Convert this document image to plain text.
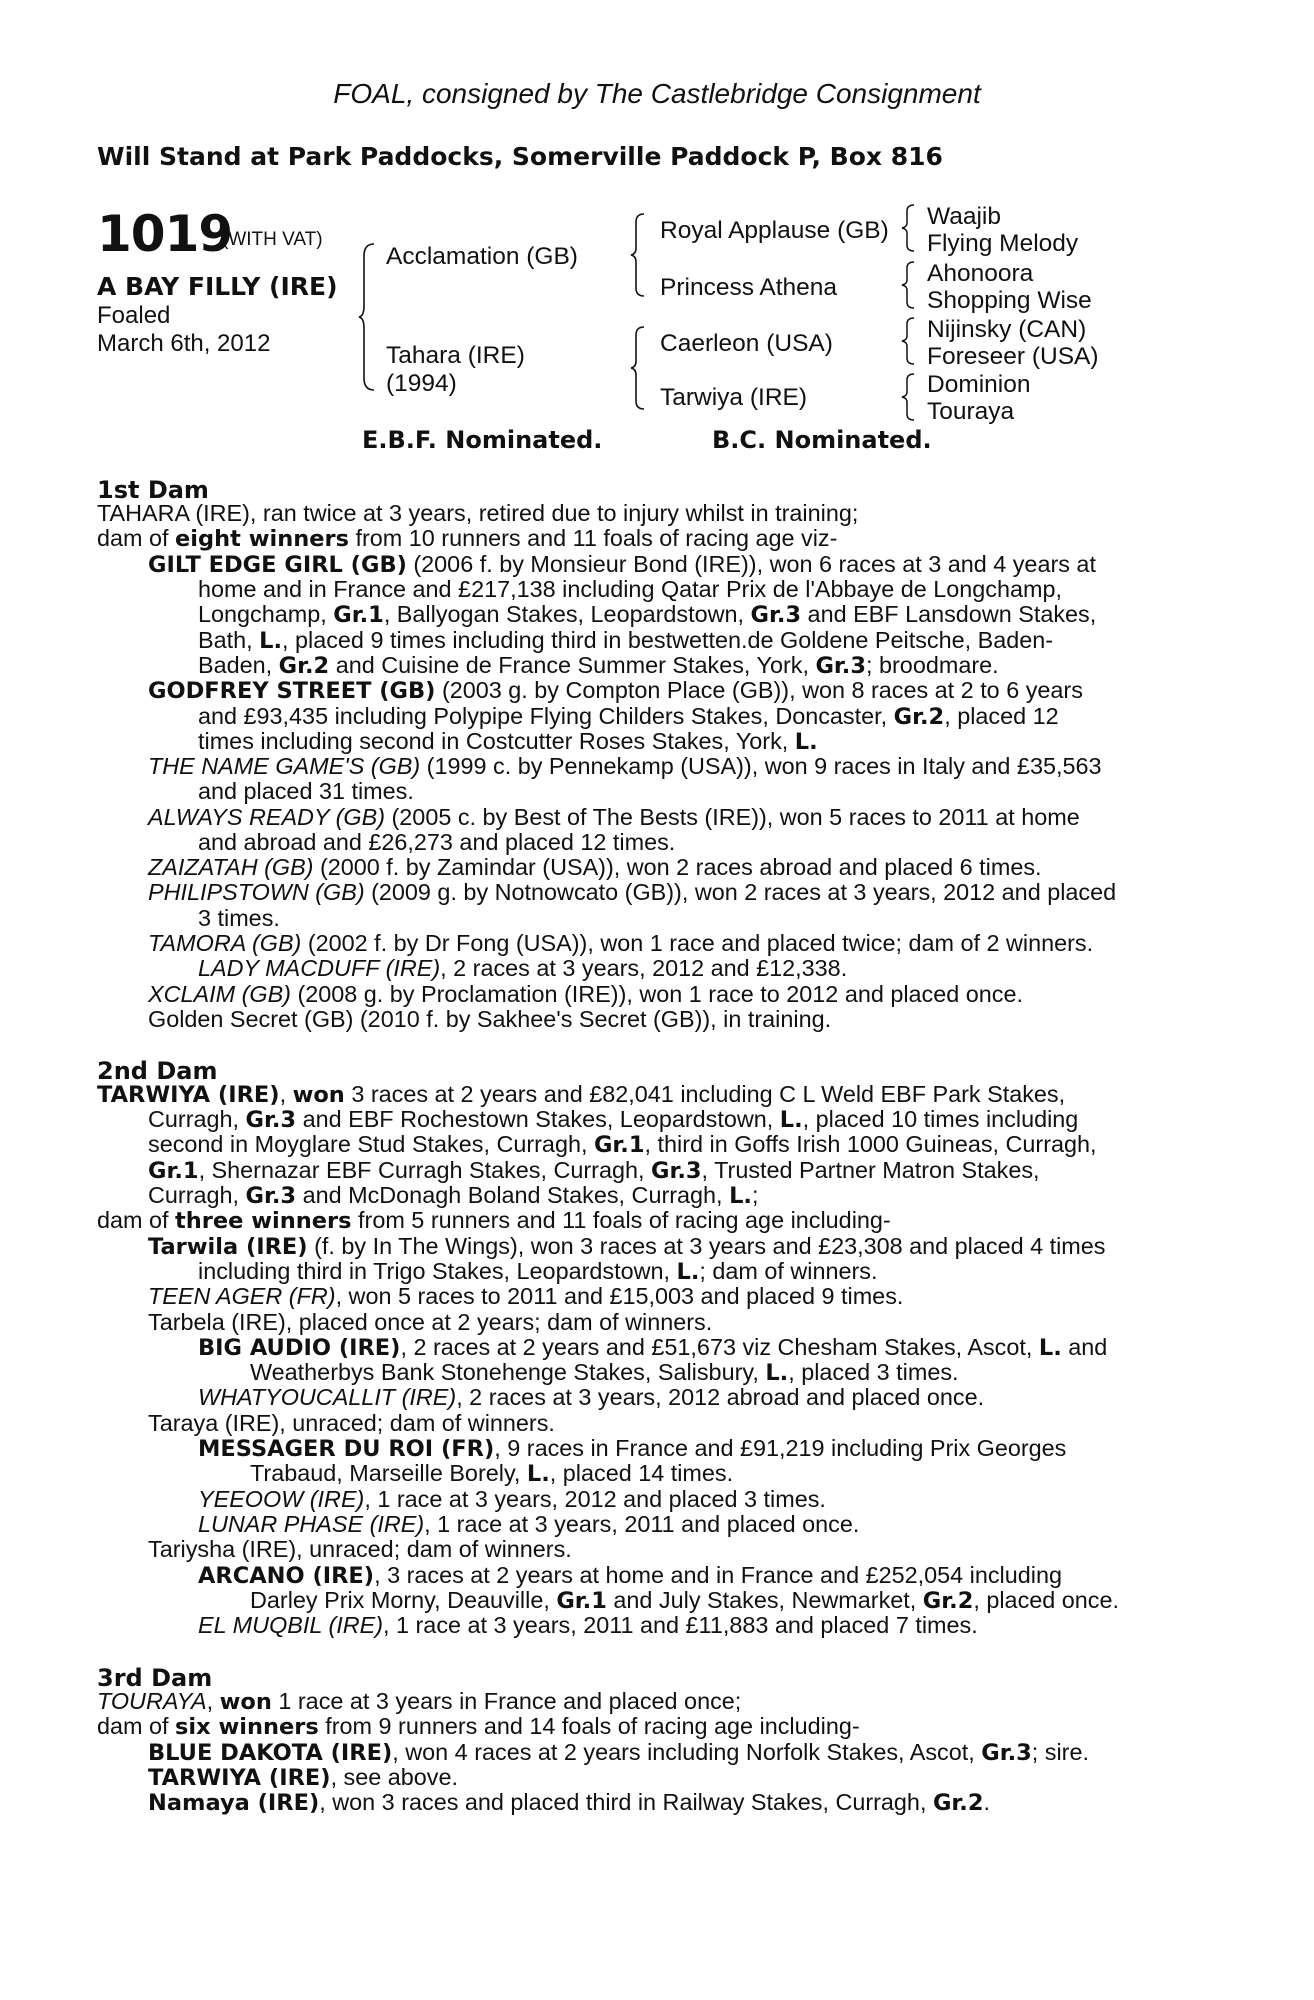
FOAL, consigned by The Castlebridge Consignment
Will Stand at Park Paddocks, Somerville Paddock P, Box 816
1019
(WITH VAT)
A BAY FILLY (IRE)
Foaled
March 6th, 2012
Acclamation (GB)
Tahara (IRE)
(1994)
Royal Applause (GB)
Princess Athena
Caerleon (USA)
Tarwiya (IRE)
Waajib
Flying Melody
Ahonoora
Shopping Wise
Nijinsky (CAN)
Foreseer (USA)
Dominion
Touraya
E.B.F. Nominated.	B.C. Nominated.
1st Dam
TAHARA (IRE), ran twice at 3 years, retired due to injury whilst in training;
dam of eight winners from 10 runners and 11 foals of racing age viz-
GILT EDGE GIRL (GB) (2006 f. by Monsieur Bond (IRE)), won 6 races at 3 and 4 years at
home and in France and £217,138 including Qatar Prix de l'Abbaye de Longchamp,
Longchamp, Gr.1, Ballyogan Stakes, Leopardstown, Gr.3 and EBF Lansdown Stakes,
Bath, L., placed 9 times including third in bestwetten.de Goldene Peitsche, Baden-
Baden, Gr.2 and Cuisine de France Summer Stakes, York, Gr.3; broodmare.
GODFREY STREET (GB) (2003 g. by Compton Place (GB)), won 8 races at 2 to 6 years
and £93,435 including Polypipe Flying Childers Stakes, Doncaster, Gr.2, placed 12
times including second in Costcutter Roses Stakes, York, L.
THE NAME GAME'S (GB) (1999 c. by Pennekamp (USA)), won 9 races in Italy and £35,563
and placed 31 times.
ALWAYS READY (GB) (2005 c. by Best of The Bests (IRE)), won 5 races to 2011 at home
and abroad and £26,273 and placed 12 times.
ZAIZATAH (GB) (2000 f. by Zamindar (USA)), won 2 races abroad and placed 6 times.
PHILIPSTOWN (GB) (2009 g. by Notnowcato (GB)), won 2 races at 3 years, 2012 and placed
3 times.
TAMORA (GB) (2002 f. by Dr Fong (USA)), won 1 race and placed twice; dam of 2 winners.
LADY MACDUFF (IRE), 2 races at 3 years, 2012 and £12,338.
XCLAIM (GB) (2008 g. by Proclamation (IRE)), won 1 race to 2012 and placed once.
Golden Secret (GB) (2010 f. by Sakhee's Secret (GB)), in training.
2nd Dam
TARWIYA (IRE), won 3 races at 2 years and £82,041 including C L Weld EBF Park Stakes,
Curragh, Gr.3 and EBF Rochestown Stakes, Leopardstown, L., placed 10 times including
second in Moyglare Stud Stakes, Curragh, Gr.1, third in Goffs Irish 1000 Guineas, Curragh,
Gr.1, Shernazar EBF Curragh Stakes, Curragh, Gr.3, Trusted Partner Matron Stakes,
Curragh, Gr.3 and McDonagh Boland Stakes, Curragh, L.;
dam of three winners from 5 runners and 11 foals of racing age including-
Tarwila (IRE) (f. by In The Wings), won 3 races at 3 years and £23,308 and placed 4 times
including third in Trigo Stakes, Leopardstown, L.; dam of winners.
TEEN AGER (FR), won 5 races to 2011 and £15,003 and placed 9 times.
Tarbela (IRE), placed once at 2 years; dam of winners.
BIG AUDIO (IRE), 2 races at 2 years and £51,673 viz Chesham Stakes, Ascot, L. and
Weatherbys Bank Stonehenge Stakes, Salisbury, L., placed 3 times.
WHATYOUCALLIT (IRE), 2 races at 3 years, 2012 abroad and placed once.
Taraya (IRE), unraced; dam of winners.
MESSAGER DU ROI (FR), 9 races in France and £91,219 including Prix Georges
Trabaud, Marseille Borely, L., placed 14 times.
YEEOOW (IRE), 1 race at 3 years, 2012 and placed 3 times.
LUNAR PHASE (IRE), 1 race at 3 years, 2011 and placed once.
Tariysha (IRE), unraced; dam of winners.
ARCANO (IRE), 3 races at 2 years at home and in France and £252,054 including
Darley Prix Morny, Deauville, Gr.1 and July Stakes, Newmarket, Gr.2, placed once.
EL MUQBIL (IRE), 1 race at 3 years, 2011 and £11,883 and placed 7 times.
3rd Dam
TOURAYA, won 1 race at 3 years in France and placed once;
dam of six winners from 9 runners and 14 foals of racing age including-
BLUE DAKOTA (IRE), won 4 races at 2 years including Norfolk Stakes, Ascot, Gr.3; sire.
TARWIYA (IRE), see above.
Namaya (IRE), won 3 races and placed third in Railway Stakes, Curragh, Gr.2.
